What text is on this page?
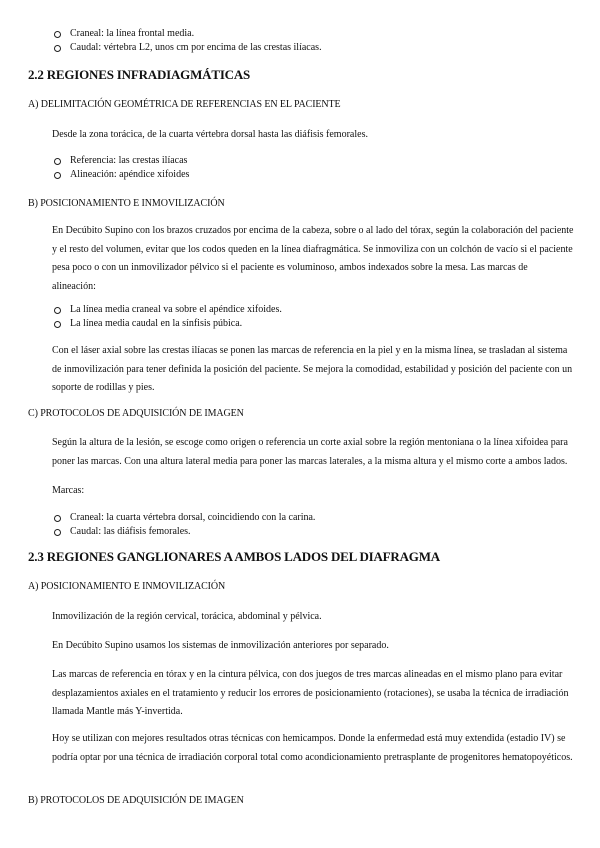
Craneal: la línea frontal media.
Caudal: vértebra L2, unos cm por encima de las crestas ilíacas.
2.2 REGIONES INFRADIAGMÁTICAS
A) DELIMITACIÓN GEOMÉTRICA DE REFERENCIAS EN EL PACIENTE
Desde la zona torácica, de la cuarta vértebra dorsal hasta las diáfisis femorales.
Referencia: las crestas ilíacas
Alineación: apéndice xifoides
B) POSICIONAMIENTO E INMOVILIZACIÓN
En Decúbito Supino con los brazos cruzados por encima de la cabeza, sobre o al lado del tórax, según la colaboración del paciente y el resto del volumen, evitar que los codos queden en la línea diafragmática. Se inmoviliza con un colchón de vacío si el paciente pesa poco o con un inmovilizador pélvico si el paciente es voluminoso, ambos indexados sobre la mesa. Las marcas de alineación:
La línea media craneal va sobre el apéndice xifoides.
La línea media caudal en la sínfisis púbica.
Con el láser axial sobre las crestas ilíacas se ponen las marcas de referencia en la piel y en la misma línea, se trasladan al sistema de inmovilización para tener definida la posición del paciente. Se mejora la comodidad, estabilidad y posición del paciente con un soporte de rodillas y pies.
C) PROTOCOLOS DE ADQUISICIÓN DE IMAGEN
Según la altura de la lesión, se escoge como origen o referencia un corte axial sobre la región mentoniana o la línea xifoidea para poner las marcas. Con una altura lateral media para poner las marcas laterales, a la misma altura y el mismo corte a ambos lados.
Marcas:
Craneal: la cuarta vértebra dorsal, coincidiendo con la carina.
Caudal: las diáfisis femorales.
2.3 REGIONES GANGLIONARES A AMBOS LADOS DEL DIAFRAGMA
A) POSICIONAMIENTO E INMOVILIZACIÓN
Inmovilización de la región cervical, torácica, abdominal y pélvica.
En Decúbito Supino usamos los sistemas de inmovilización anteriores por separado.
Las marcas de referencia en tórax y en la cintura pélvica, con dos juegos de tres marcas alineadas en el mismo plano para evitar desplazamientos axiales en el tratamiento y reducir los errores de posicionamiento (rotaciones), se usaba la técnica de irradiación llamada Mantle más Y-invertida.
Hoy se utilizan con mejores resultados otras técnicas con hemicampos. Donde la enfermedad está muy extendida (estadio IV) se podría optar por una técnica de irradiación corporal total como acondicionamiento pretrasplante de progenitores hematopoyéticos.
B) PROTOCOLOS DE ADQUISICIÓN DE IMAGEN
